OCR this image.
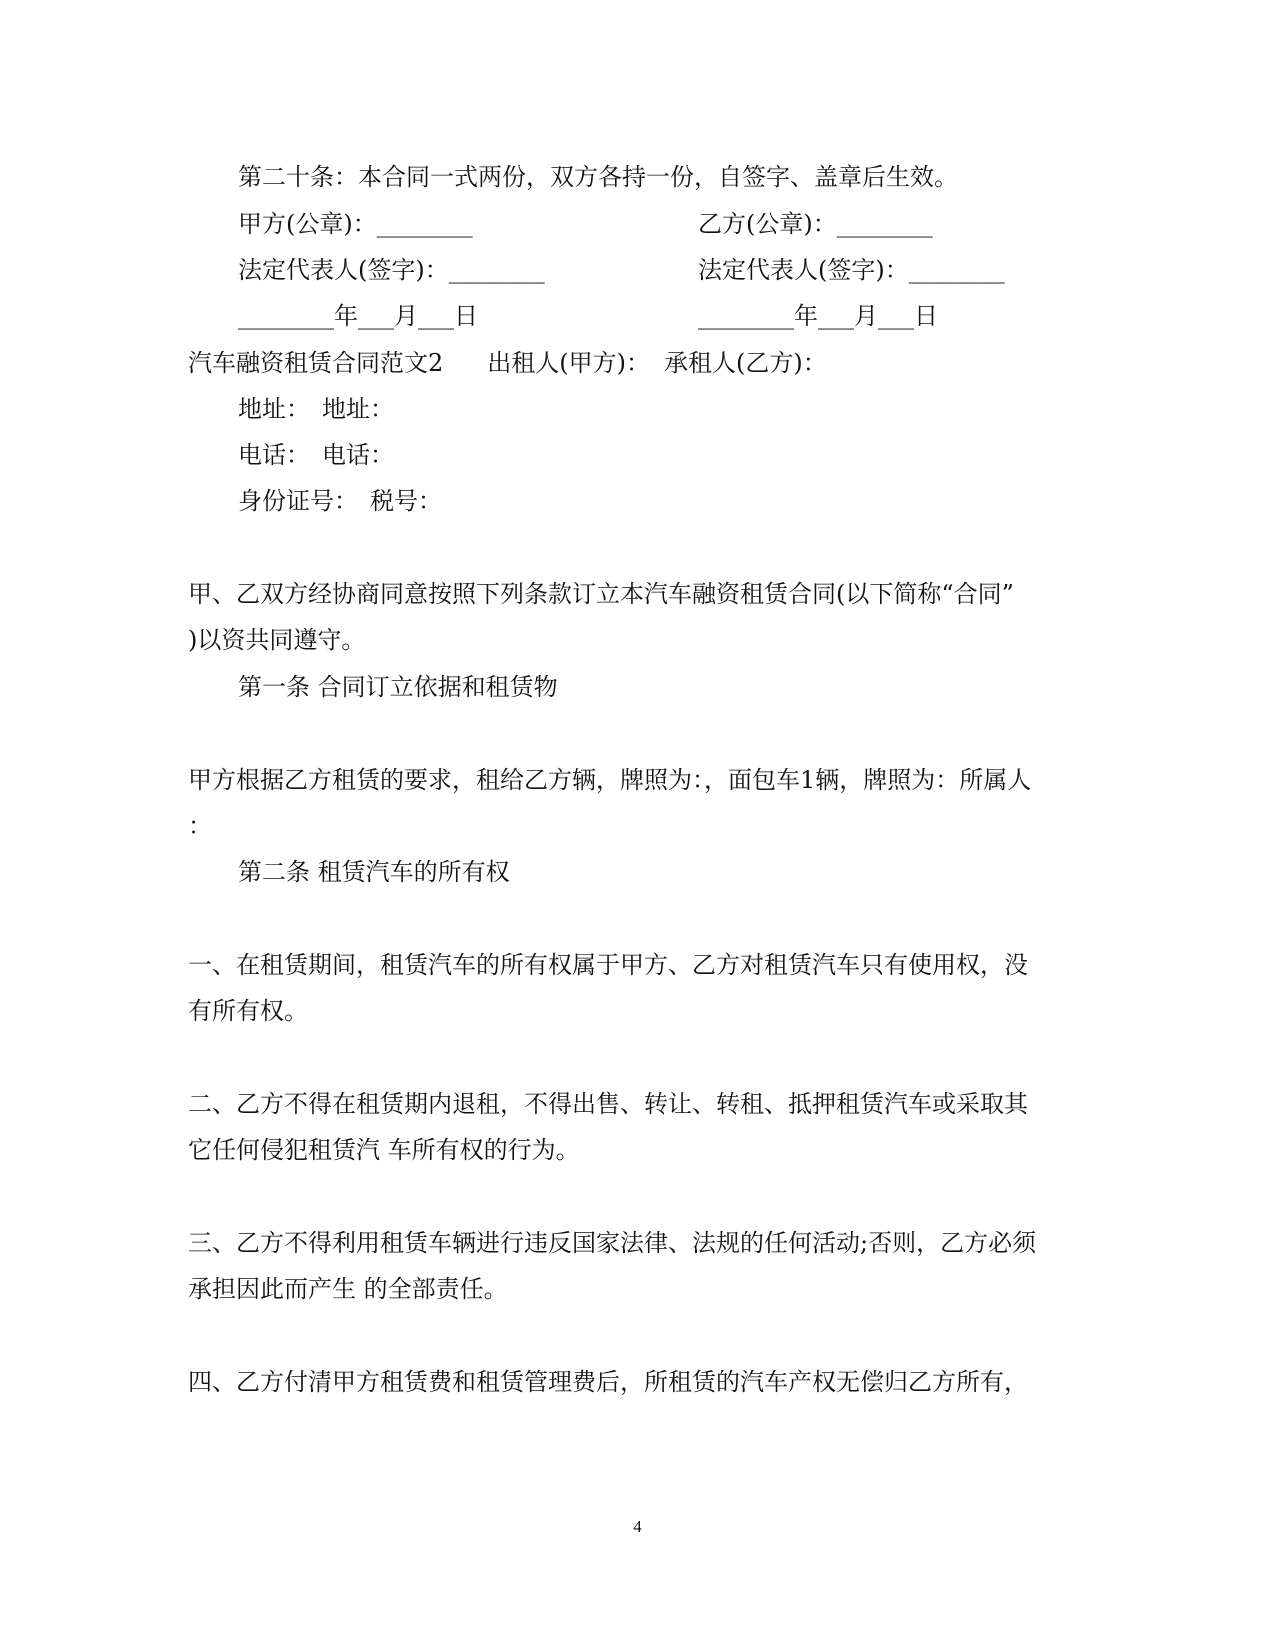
第二十条：本合同一式两份，双方各持一份，自签字、盖章后生效。
甲方(公章)：________	乙方(公章)：________
法定代表人(签字)：________	法定代表人(签字)：________
________年___月___日	________年___月___日
汽车融资租赁合同范文2 出租人(甲方)： 承租人(乙方)：
地址：　地址：
电话：　电话：
身份证号：　税号：
甲、乙双方经协商同意按照下列条款订立本汽车融资租赁合同(以下简称“合同”
)以资共同遵守。
第一条 合同订立依据和租赁物
甲方根据乙方租赁的要求，租给乙方辆，牌照为：，面包车1辆，牌照为：所属人
：
第二条 租赁汽车的所有权
一、在租赁期间，租赁汽车的所有权属于甲方、乙方对租赁汽车只有使用权，没
有所有权。
二、乙方不得在租赁期内退租，不得出售、转让、转租、抵押租赁汽车或采取其
它任何侵犯租赁汽 车所有权的行为。
三、乙方不得利用租赁车辆进行违反国家法律、法规的任何活动;否则，乙方必须
承担因此而产生 的全部责任。
四、乙方付清甲方租赁费和租赁管理费后，所租赁的汽车产权无偿归乙方所有，
4
